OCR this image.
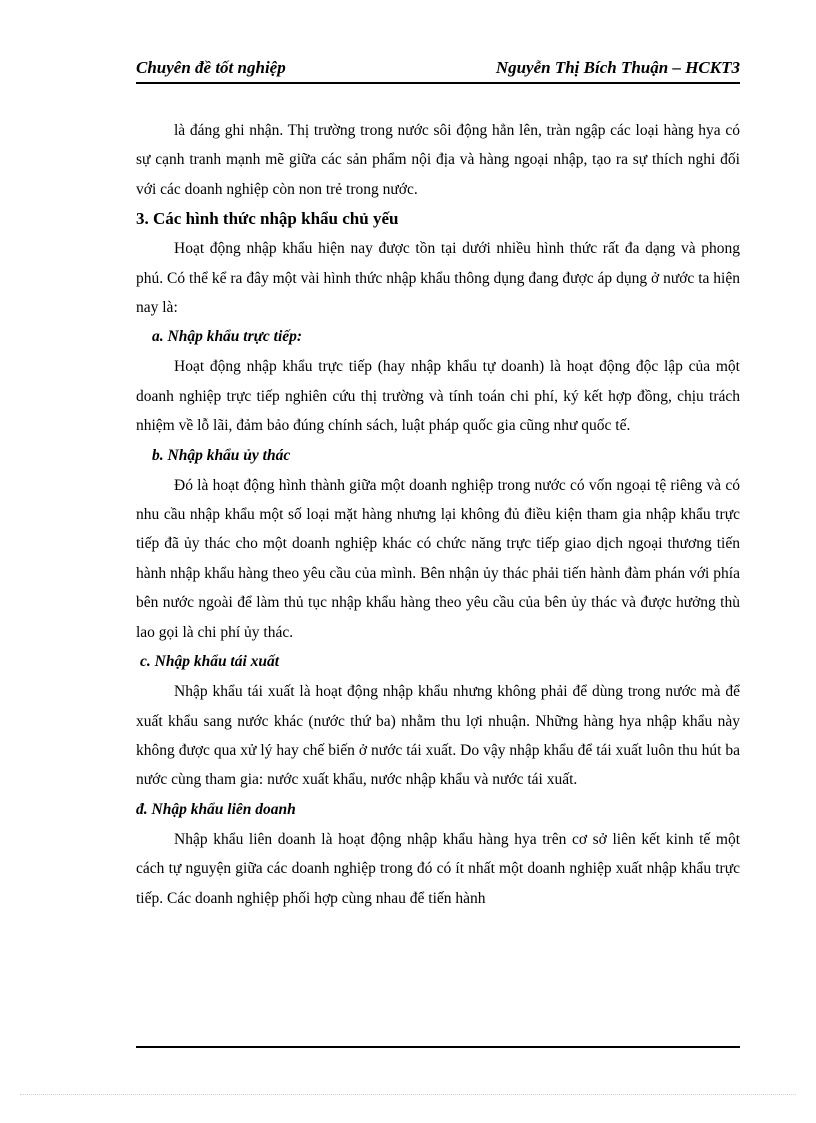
Chuyên đề tốt nghiệp	Nguyễn Thị Bích Thuận – HCKT3

là đáng ghi nhận. Thị trường trong nước sôi động hẳn lên, tràn ngập các loại hàng hya có sự cạnh tranh mạnh mẽ giữa các sản phẩm nội địa và hàng ngoại nhập, tạo ra sự thích nghi đối với các doanh nghiệp còn non trẻ trong nước.

3. Các hình thức nhập khẩu chủ yếu

Hoạt động nhập khẩu hiện nay được tồn tại dưới nhiều hình thức rất đa dạng và phong phú. Có thể kể ra đây một vài hình thức nhập khẩu thông dụng đang được áp dụng ở nước ta hiện nay là:

a. Nhập khẩu trực tiếp:

Hoạt động nhập khẩu trực tiếp (hay nhập khẩu tự doanh) là hoạt động độc lập của một doanh nghiệp trực tiếp nghiên cứu thị trường và tính toán chi phí, ký kết hợp đồng, chịu trách nhiệm về lỗ lãi, đảm bảo đúng chính sách, luật pháp quốc gia cũng như quốc tế.

b. Nhập khẩu ủy thác

Đó là hoạt động hình thành giữa một doanh nghiệp trong nước có vốn ngoại tệ riêng và có nhu cầu nhập khẩu một số loại mặt hàng nhưng lại không đủ điều kiện tham gia nhập khẩu trực tiếp đã ủy thác cho một doanh nghiệp khác có chức năng trực tiếp giao dịch ngoại thương tiến hành nhập khẩu hàng theo yêu cầu của mình. Bên nhận ủy thác phải tiến hành đàm phán với phía bên nước ngoài để làm thủ tục nhập khẩu hàng theo yêu cầu của bên ủy thác và được hưởng thù lao gọi là chi phí ủy thác.

c. Nhập khẩu tái xuất

Nhập khẩu tái xuất là hoạt động nhập khẩu nhưng không phải để dùng trong nước mà để xuất khẩu sang nước khác (nước thứ ba) nhằm thu lợi nhuận. Những hàng hya nhập khẩu này không được qua xử lý hay chế biến ở nước tái xuất. Do vậy nhập khẩu để tái xuất luôn thu hút ba nước cùng tham gia: nước xuất khẩu, nước nhập khẩu và nước tái xuất.

đ. Nhập khẩu liên doanh

Nhập khẩu liên doanh là hoạt động nhập khẩu hàng hya trên cơ sở liên kết kinh tế một cách tự nguyện giữa các doanh nghiệp trong đó có ít nhất một doanh nghiệp xuất nhập khẩu trực tiếp. Các doanh nghiệp phối hợp cùng nhau để tiến hành
